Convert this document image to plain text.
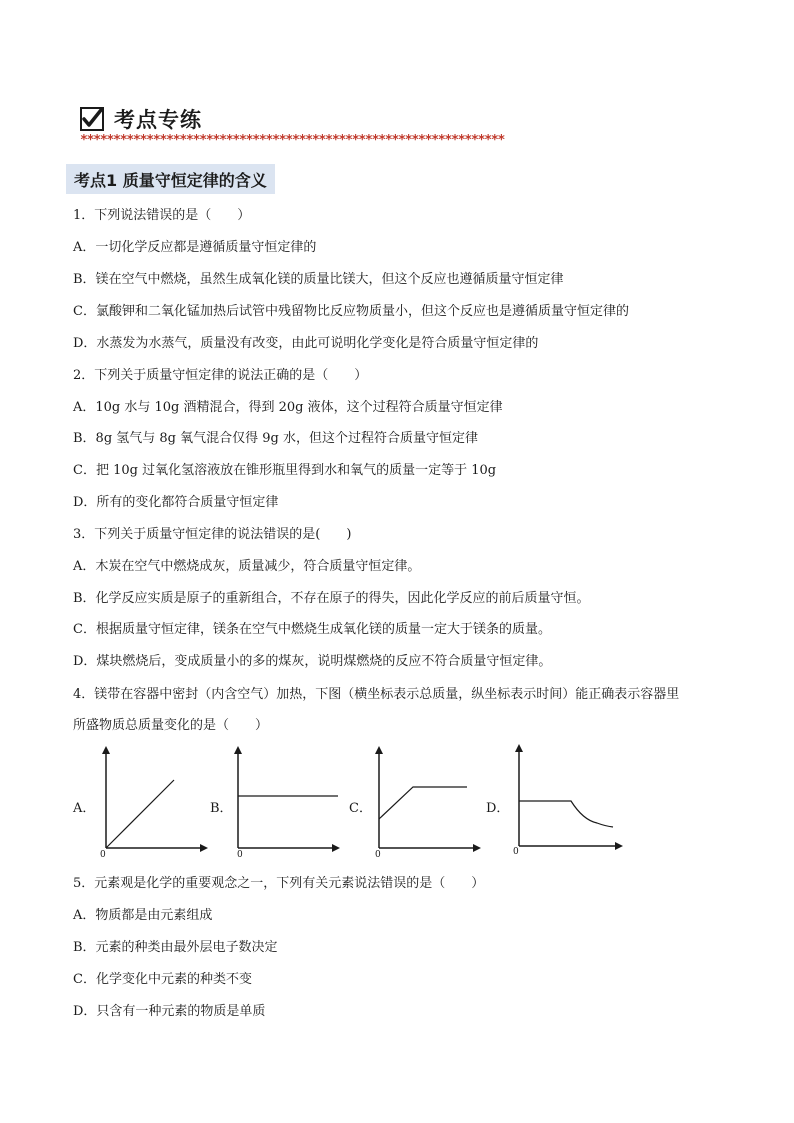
考点专练
****************************************************************
考点1 质量守恒定律的含义
1．下列说法错误的是（　　）
A．一切化学反应都是遵循质量守恒定律的
B．镁在空气中燃烧，虽然生成氧化镁的质量比镁大，但这个反应也遵循质量守恒定律
C．氯酸钾和二氧化锰加热后试管中残留物比反应物质量小，但这个反应也是遵循质量守恒定律的
D．水蒸发为水蒸气，质量没有改变，由此可说明化学变化是符合质量守恒定律的
2．下列关于质量守恒定律的说法正确的是（　　）
A．10g 水与 10g 酒精混合，得到 20g 液体，这个过程符合质量守恒定律
B．8g 氢气与 8g 氧气混合仅得 9g 水，但这个过程符合质量守恒定律
C．把 10g 过氧化氢溶液放在锥形瓶里得到水和氧气的质量一定等于 10g
D．所有的变化都符合质量守恒定律
3．下列关于质量守恒定律的说法错误的是(　　)
A．木炭在空气中燃烧成灰，质量减少，符合质量守恒定律。
B．化学反应实质是原子的重新组合，不存在原子的得失，因此化学反应的前后质量守恒。
C．根据质量守恒定律，镁条在空气中燃烧生成氧化镁的质量一定大于镁条的质量。
D．煤块燃烧后，变成质量小的多的煤灰，说明煤燃烧的反应不符合质量守恒定律。
4．镁带在容器中密封（内含空气）加热，下图（横坐标表示总质量，纵坐标表示时间）能正确表示容器里
所盛物质总质量变化的是（　　）
A．
0
B．
0
C．
0
D．
0
5．元素观是化学的重要观念之一，下列有关元素说法错误的是（　　）
A．物质都是由元素组成
B．元素的种类由最外层电子数决定
C．化学变化中元素的种类不变
D．只含有一种元素的物质是单质
